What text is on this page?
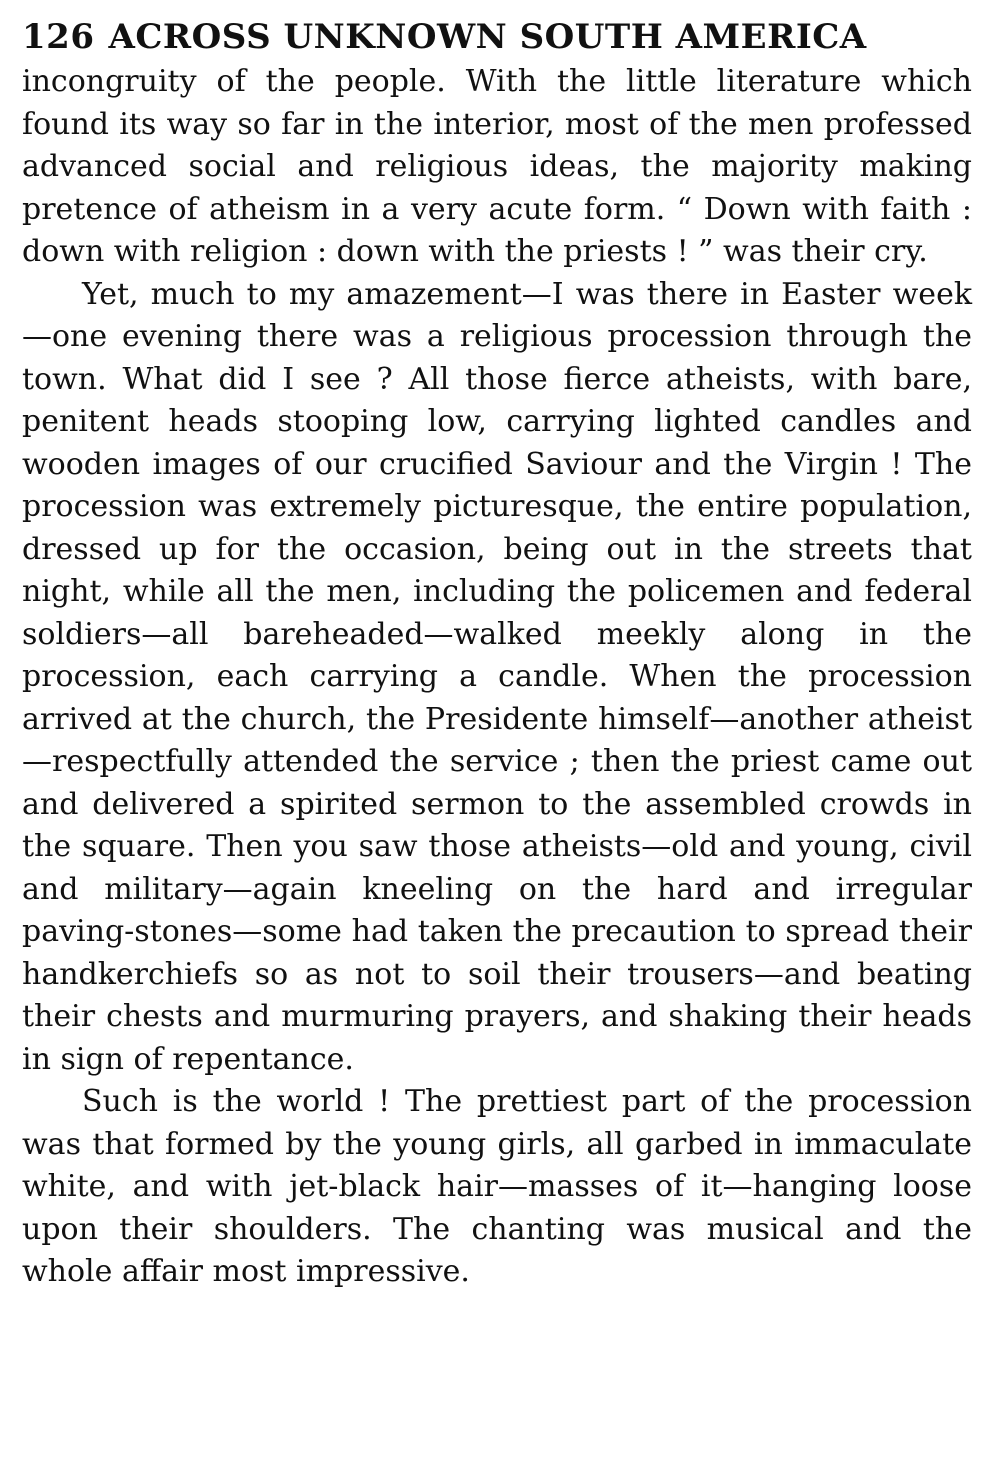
126 ACROSS UNKNOWN SOUTH AMERICA

incongruity of the people. With the little literature which found its way so far in the interior, most of the men professed advanced social and religious ideas, the majority making pretence of atheism in a very acute form. “ Down with faith : down with religion : down with the priests ! ” was their cry.

Yet, much to my amazement—I was there in Easter week—one evening there was a religious procession through the town. What did I see ? All those fierce atheists, with bare, penitent heads stooping low, carrying lighted candles and wooden images of our crucified Saviour and the Virgin ! The procession was extremely picturesque, the entire population, dressed up for the occasion, being out in the streets that night, while all the men, including the policemen and federal soldiers—all bareheaded—walked meekly along in the procession, each carrying a candle. When the procession arrived at the church, the Presidente himself—another atheist—respectfully attended the service ; then the priest came out and delivered a spirited sermon to the assembled crowds in the square. Then you saw those atheists—old and young, civil and military—again kneeling on the hard and irregular paving-stones—some had taken the precaution to spread their handkerchiefs so as not to soil their trousers—and beating their chests and murmuring prayers, and shaking their heads in sign of repentance.

Such is the world ! The prettiest part of the procession was that formed by the young girls, all garbed in immaculate white, and with jet-black hair—masses of it—hanging loose upon their shoulders. The chanting was musical and the whole affair most impressive.
